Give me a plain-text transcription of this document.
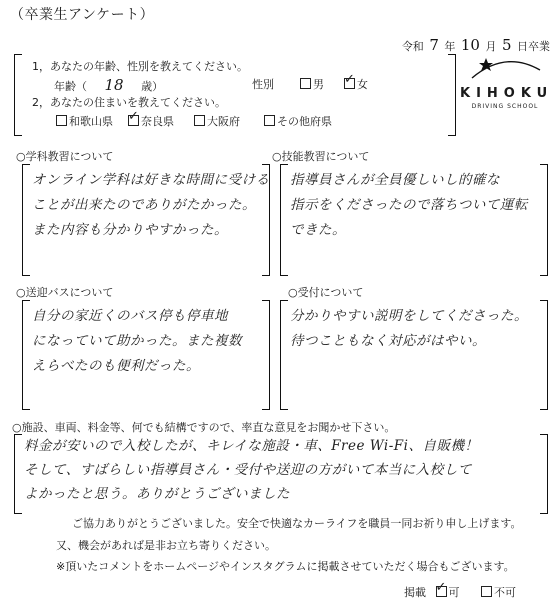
（卒業生アンケート）
令和 7 年 10 月 5 日卒業
1，あなたの年齢、性別を教えてください。
年齢（ 18 歳）	性別	男 ✓ 女
2，あなたの住まいを教えてください。
和歌山県 ✓ 奈良県	大阪府	その他府県
KIHOKU
DRIVING SCHOOL
○学科教習について
オンライン学科は好きな時間に受ける
ことが出来たのでありがたかった。
また内容も分かりやすかった。
○技能教習について
指導員さんが全員優しいし的確な
指示をくださったので落ちついて運転
できた。
○送迎バスについて
自分の家近くのバス停も停車地
になっていて助かった。また複数
えらべたのも便利だった。
○受付について
分かりやすい説明をしてくださった。
待つこともなく対応がはやい。
○施設、車両、料金等、何でも結構ですので、率直な意見をお聞かせ下さい。
料金が安いので入校したが、キレイな施設・車、Free Wi-Fi、自販機！
そして、すばらしい指導員さん・受付や送迎の方がいて本当に入校して
よかったと思う。ありがとうございました
ご協力ありがとうございました。安全で快適なカーライフを職員一同お祈り申し上げます。
又、機会があれば是非お立ち寄りください。
※頂いたコメントをホームページやインスタグラムに掲載させていただく場合もございます。
掲載 ✓ 可	不可
